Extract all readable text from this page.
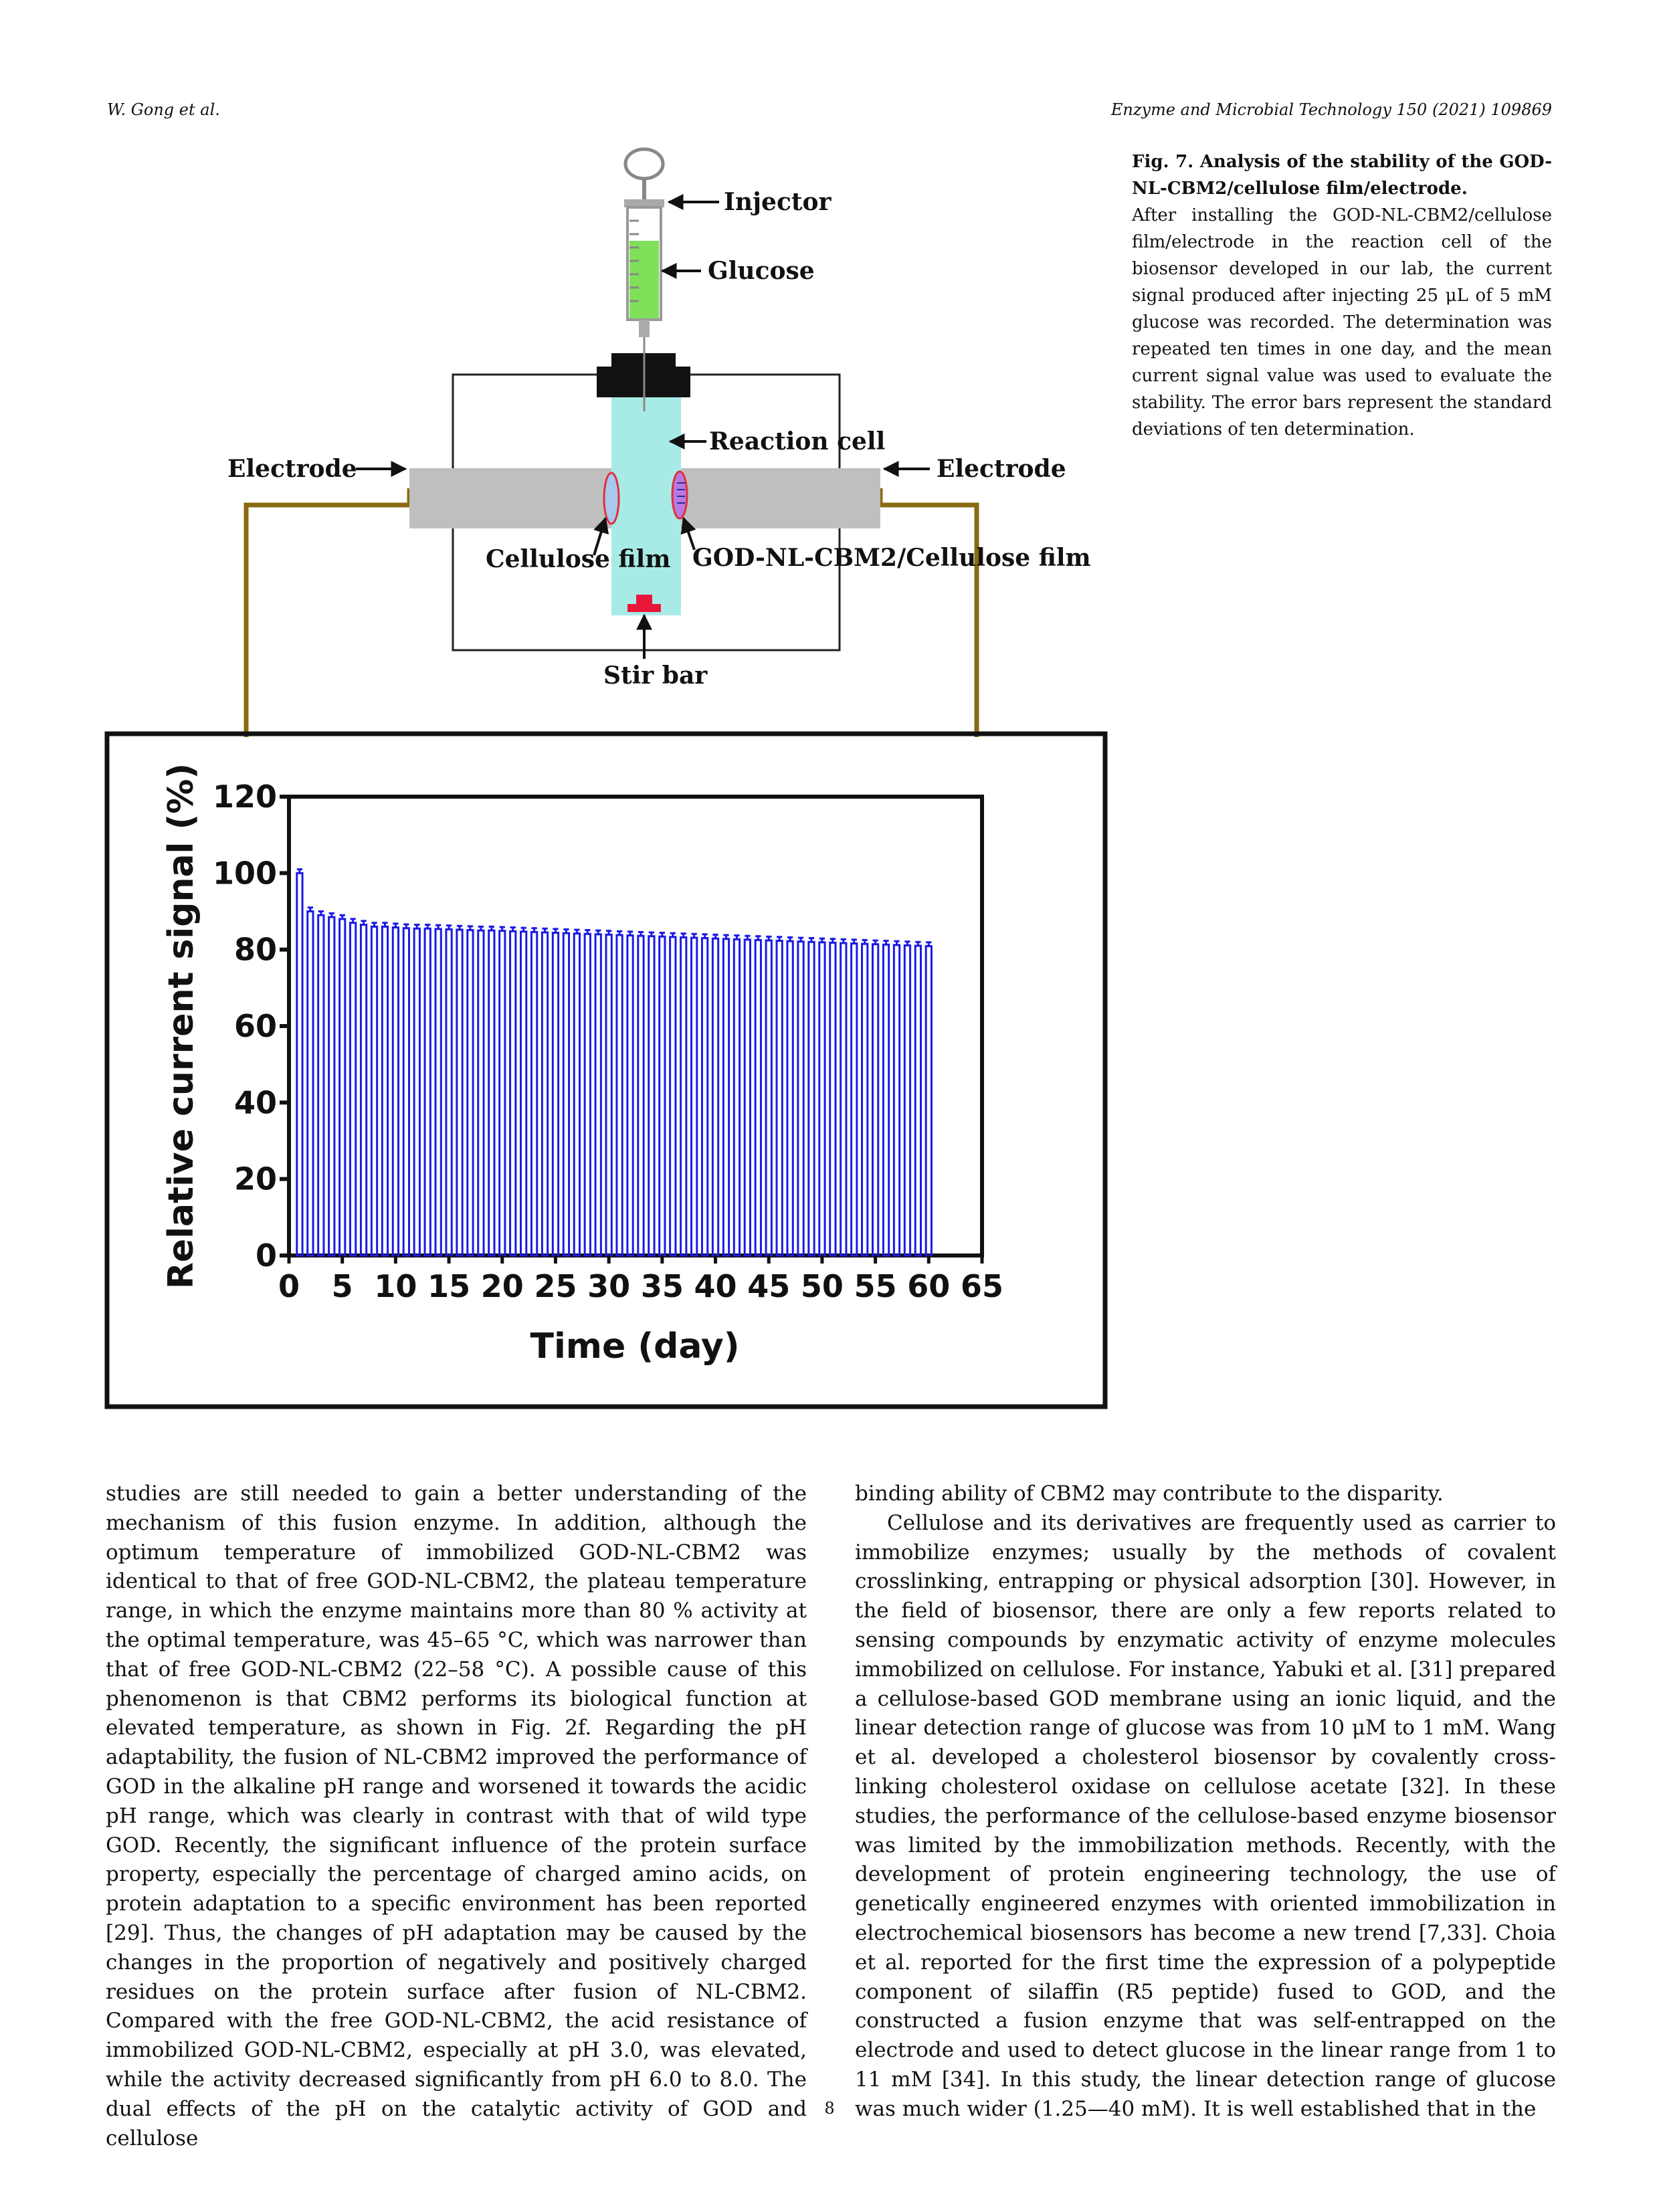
W. Gong et al.	Enzyme and Microbial Technology 150 (2021) 109869
Injector
Glucose
Reaction cell
Electrode	Electrode
Cellulose film GOD-NL-CBM2/Cellulose film
Stir bar
0
20
40
60
80
100
120
0 5 10 15 20 25 30 35 40 45 50 55 60 65
Time (day)
Relative current signal (%)
Fig. 7. Analysis of the stability of the GOD-NL-CBM2/cellulose film/electrode.
After installing the GOD-NL-CBM2/cellulose film/electrode in the reaction cell of the biosensor developed in our lab, the current signal produced after injecting 25 μL of 5 mM glucose was recorded. The determination was repeated ten times in one day, and the mean current signal value was used to evaluate the stability. The error bars represent the standard deviations of ten determination.

studies are still needed to gain a better understanding of the mechanism of this fusion enzyme. In addition, although the optimum temperature of immobilized GOD-NL-CBM2 was identical to that of free GOD-NL-CBM2, the plateau temperature range, in which the enzyme maintains more than 80 % activity at the optimal temperature, was 45–65 °C, which was narrower than that of free GOD-NL-CBM2 (22–58 °C). A possible cause of this phenomenon is that CBM2 performs its biological function at elevated temperature, as shown in Fig. 2f. Regarding the pH adaptability, the fusion of NL-CBM2 improved the performance of GOD in the alkaline pH range and worsened it towards the acidic pH range, which was clearly in contrast with that of wild type GOD. Recently, the significant influence of the protein surface property, especially the percentage of charged amino acids, on protein adaptation to a specific environment has been reported [29]. Thus, the changes of pH adaptation may be caused by the changes in the proportion of negatively and positively charged residues on the protein surface after fusion of NL-CBM2. Compared with the free GOD-NL-CBM2, the acid resistance of immobilized GOD-NL-CBM2, especially at pH 3.0, was elevated, while the activity decreased significantly from pH 6.0 to 8.0. The dual effects of the pH on the catalytic activity of GOD and cellulose

binding ability of CBM2 may contribute to the disparity.

Cellulose and its derivatives are frequently used as carrier to immobilize enzymes; usually by the methods of covalent crosslinking, entrapping or physical adsorption [30]. However, in the field of biosensor, there are only a few reports related to sensing compounds by enzymatic activity of enzyme molecules immobilized on cellulose. For instance, Yabuki et al. [31] prepared a cellulose-based GOD membrane using an ionic liquid, and the linear detection range of glucose was from 10 μM to 1 mM. Wang et al. developed a cholesterol biosensor by covalently cross-linking cholesterol oxidase on cellulose acetate [32]. In these studies, the performance of the cellulose-based enzyme biosensor was limited by the immobilization methods. Recently, with the development of protein engineering technology, the use of genetically engineered enzymes with oriented immobilization in electrochemical biosensors has become a new trend [7,33]. Choia et al. reported for the first time the expression of a polypeptide component of silaffin (R5 peptide) fused to GOD, and the constructed a fusion enzyme that was self-entrapped on the electrode and used to detect glucose in the linear range from 1 to 11 mM [34]. In this study, the linear detection range of glucose was much wider (1.25—40 mM). It is well established that in the

8
